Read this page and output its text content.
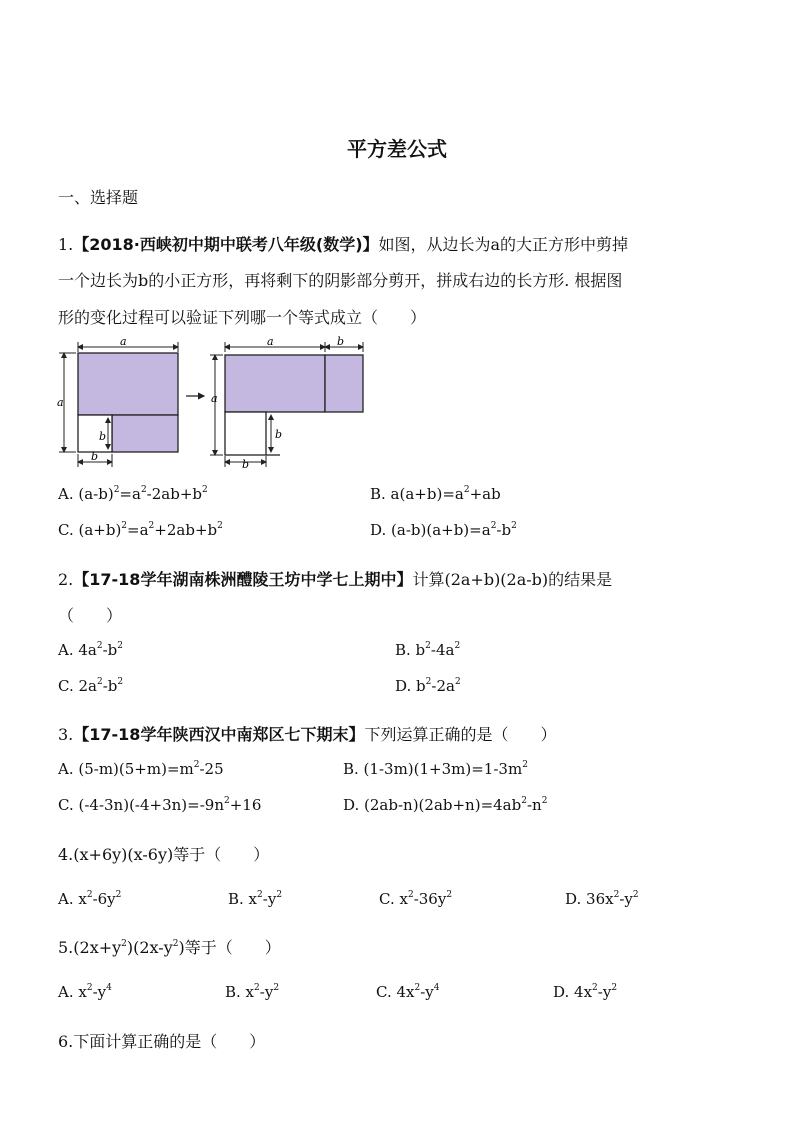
平方差公式
一、选择题
1.【2018·西峡初中期中联考八年级(数学)】如图，从边长为a的大正方形中剪掉
一个边长为b的小正方形，再将剩下的阴影部分剪开，拼成右边的长方形. 根据图
形的变化过程可以验证下列哪一个等式成立（　　）
a
a
b
b
a	b
a
b
b
A. $(a-b)^2=a^2-2ab+b^2$	B. $a(a+b)=a^2+ab$
C. $(a+b)^2=a^2+2ab+b^2$	D. $(a-b)(a+b)=a^2-b^2$
2.【17-18学年湖南株洲醴陵王坊中学七上期中】计算(2a+b)(2a-b)的结果是
（　　）
A. $4a^2-b^2$	B. $b^2-4a^2$
C. $2a^2-b^2$	D. $b^2-2a^2$
3.【17-18学年陕西汉中南郑区七下期末】下列运算正确的是（　　）
A. $(5-m)(5+m)=m^2-25$	B. $(1-3m)(1+3m)=1-3m^2$
C. $(-4-3n)(-4+3n)=-9n^2+16$	D. $(2ab-n)(2ab+n)=4ab^2-n^2$
4.(x+6y)(x-6y)等于（　　）
A. $x^2-6y^2$	B. $x^2-y^2$	C. $x^2-36y^2$	D. $36x^2-y^2$
$5.(2x+y^2)(2x-y^2)$等于（　　）
A. $x^2-y^4$	B. $x^2-y^2$	C. $4x^2-y^4$	D. $4x^2-y^2$
6.下面计算正确的是（　　）
